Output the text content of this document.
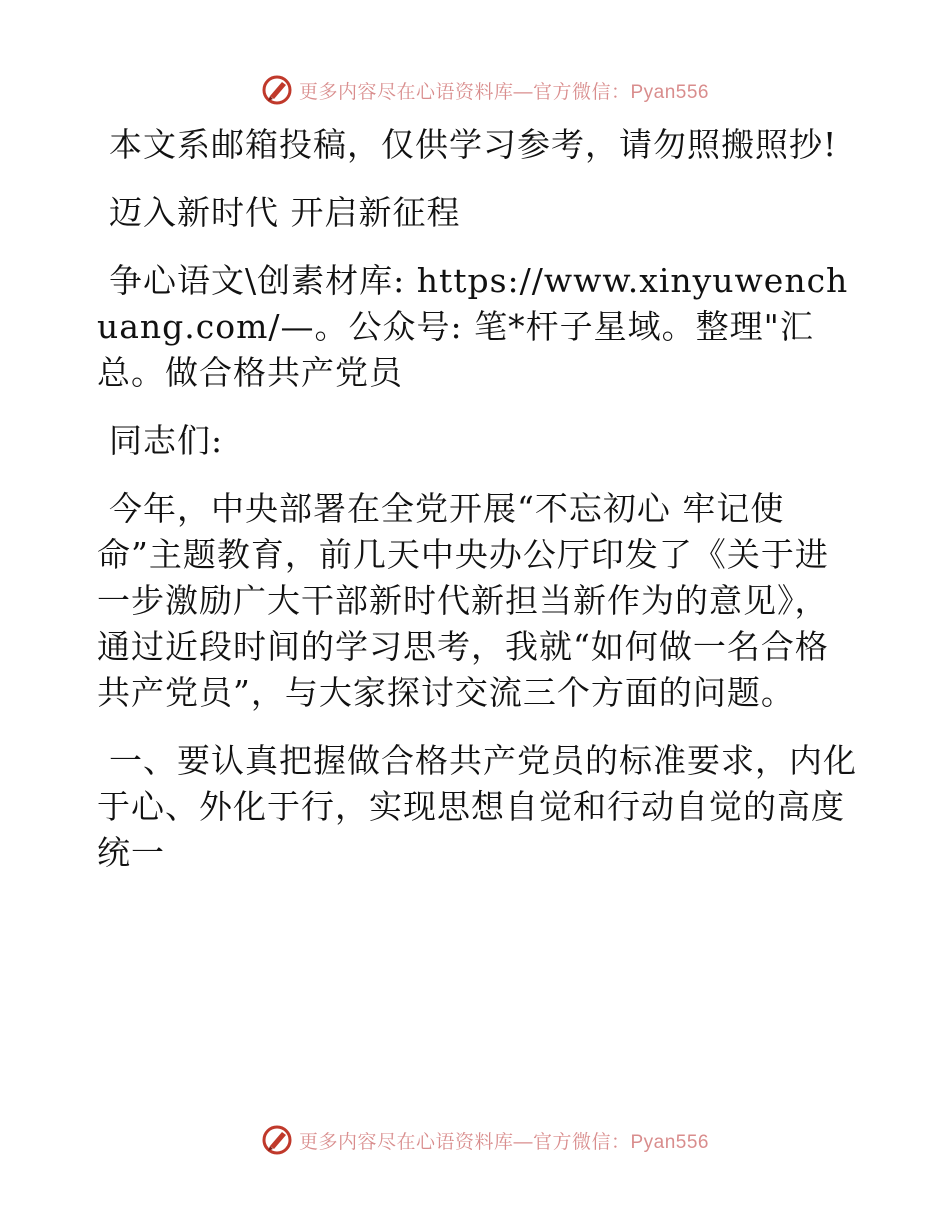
更多内容尽在心语资料库—官方微信：Pyan556

本文系邮箱投稿，仅供学习参考，请勿照搬照抄!

迈入新时代 开启新征程

争心语文\创素材库: https://www.xinyuwenchuang.com/—。公众号: 笔*杆子星域。整理"汇总。做合格共产党员

同志们:

今年，中央部署在全党开展“不忘初心 牢记使命”主题教育，前几天中央办公厅印发了《关于进一步激励广大干部新时代新担当新作为的意见》，通过近段时间的学习思考，我就“如何做一名合格共产党员”，与大家探讨交流三个方面的问题。

一、要认真把握做合格共产党员的标准要求，内化于心、外化于行，实现思想自觉和行动自觉的高度统一

更多内容尽在心语资料库—官方微信：Pyan556
